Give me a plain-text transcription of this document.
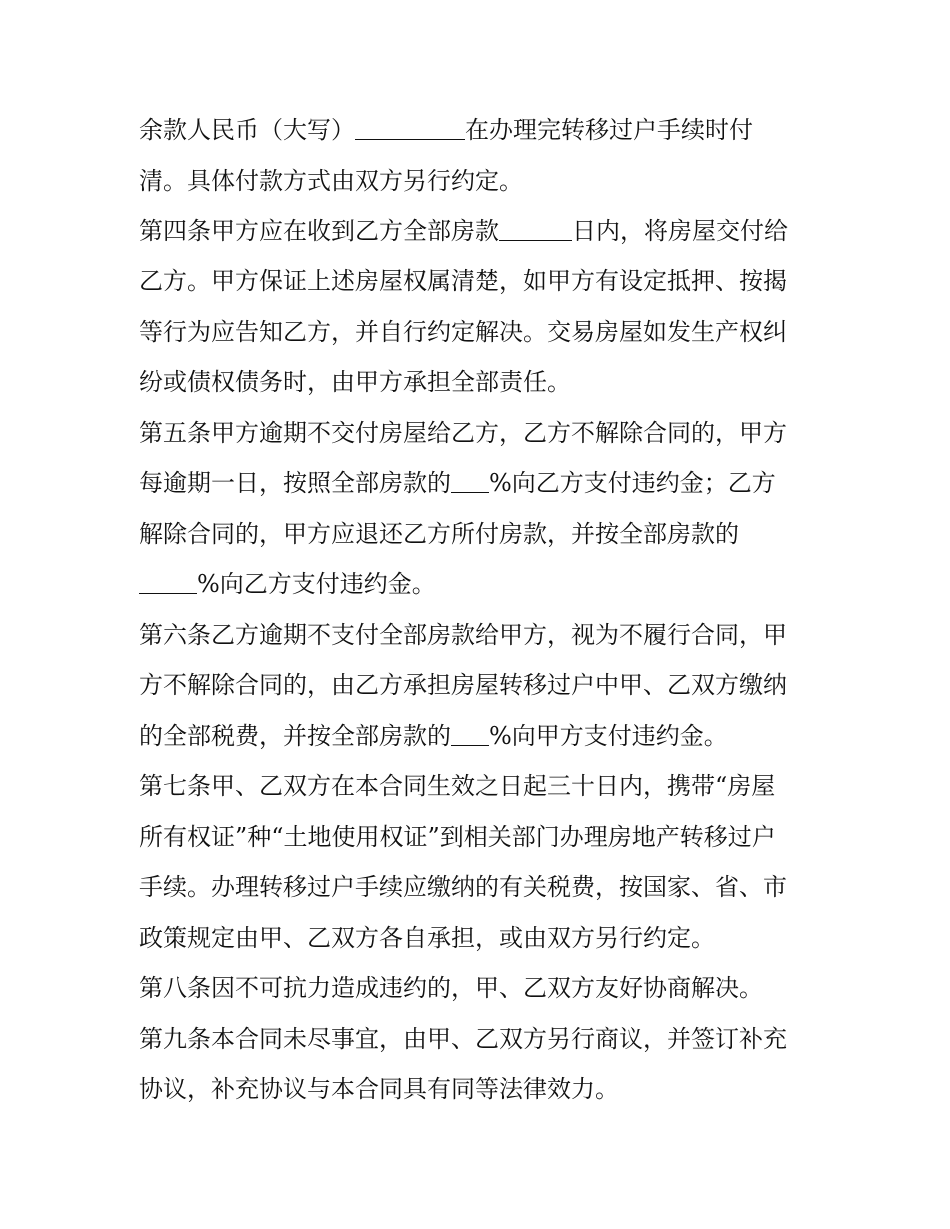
余款人民币（大写）	在办理完转移过户手续时付
清。具体付款方式由双方另行约定。
第四条甲方应在收到乙方全部房款	日内，将房屋交付给
乙方。甲方保证上述房屋权属清楚，如甲方有设定抵押、按揭
等行为应告知乙方，并自行约定解决。交易房屋如发生产权纠
纷或债权债务时，由甲方承担全部责任。
第五条甲方逾期不交付房屋给乙方，乙方不解除合同的，甲方
每逾期一日，按照全部房款的 %向乙方支付违约金；乙方
解除合同的，甲方应退还乙方所付房款，并按全部房款的
%向乙方支付违约金。
第六条乙方逾期不支付全部房款给甲方，视为不履行合同，甲
方不解除合同的，由乙方承担房屋转移过户中甲、乙双方缴纳
的全部税费，并按全部房款的 %向甲方支付违约金。
第七条甲、乙双方在本合同生效之日起三十日内，携带“房屋
所有权证”种“土地使用权证”到相关部门办理房地产转移过户
手续。办理转移过户手续应缴纳的有关税费，按国家、省、市
政策规定由甲、乙双方各自承担，或由双方另行约定。
第八条因不可抗力造成违约的，甲、乙双方友好协商解决。
第九条本合同未尽事宜，由甲、乙双方另行商议，并签订补充
协议，补充协议与本合同具有同等法律效力。
